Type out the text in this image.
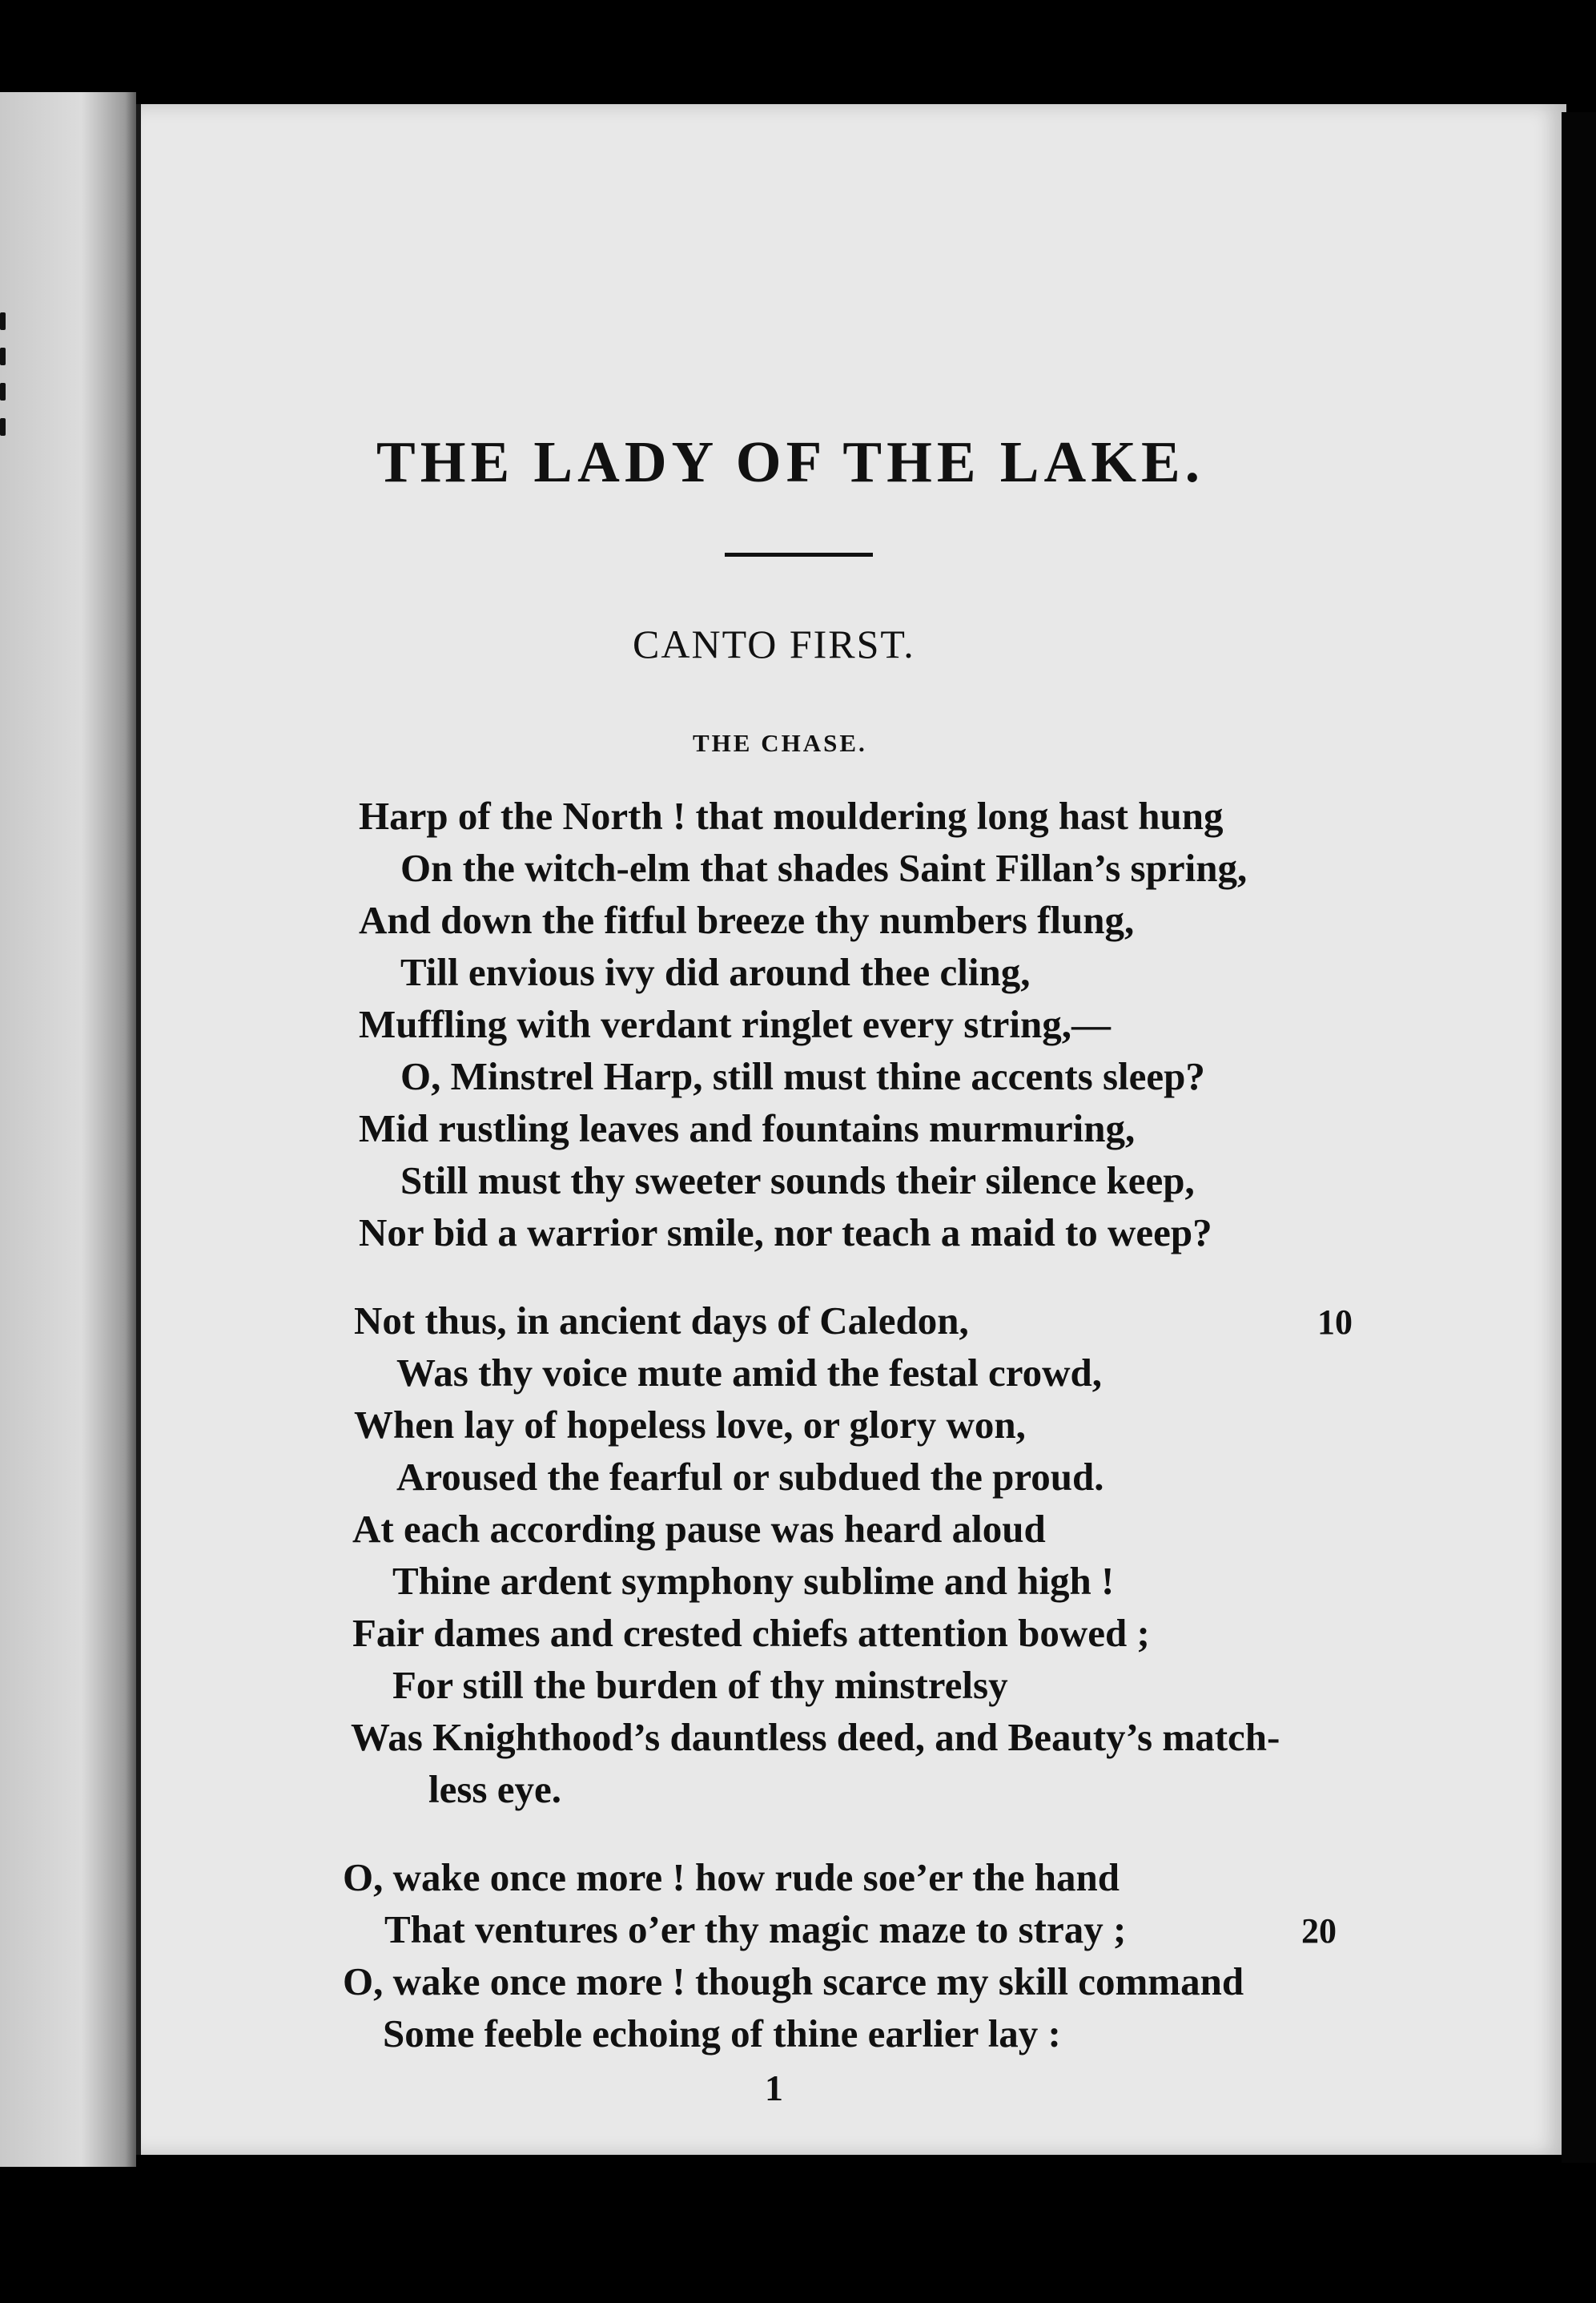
THE LADY OF THE LAKE.
CANTO FIRST.
THE CHASE.
Harp of the North ! that mouldering long hast hung
On the witch-elm that shades Saint Fillan’s spring,
And down the fitful breeze thy numbers flung,
Till envious ivy did around thee cling,
Muffling with verdant ringlet every string,—
O, Minstrel Harp, still must thine accents sleep?
Mid rustling leaves and fountains murmuring,
Still must thy sweeter sounds their silence keep,
Nor bid a warrior smile, nor teach a maid to weep?
Not thus, in ancient days of Caledon,	10
Was thy voice mute amid the festal crowd,
When lay of hopeless love, or glory won,
Aroused the fearful or subdued the proud.
At each according pause was heard aloud
Thine ardent symphony sublime and high !
Fair dames and crested chiefs attention bowed ;
For still the burden of thy minstrelsy
Was Knighthood’s dauntless deed, and Beauty’s match-
less eye.
O, wake once more ! how rude soe’er the hand
That ventures o’er thy magic maze to stray ;	20
O, wake once more ! though scarce my skill command
Some feeble echoing of thine earlier lay :
1
